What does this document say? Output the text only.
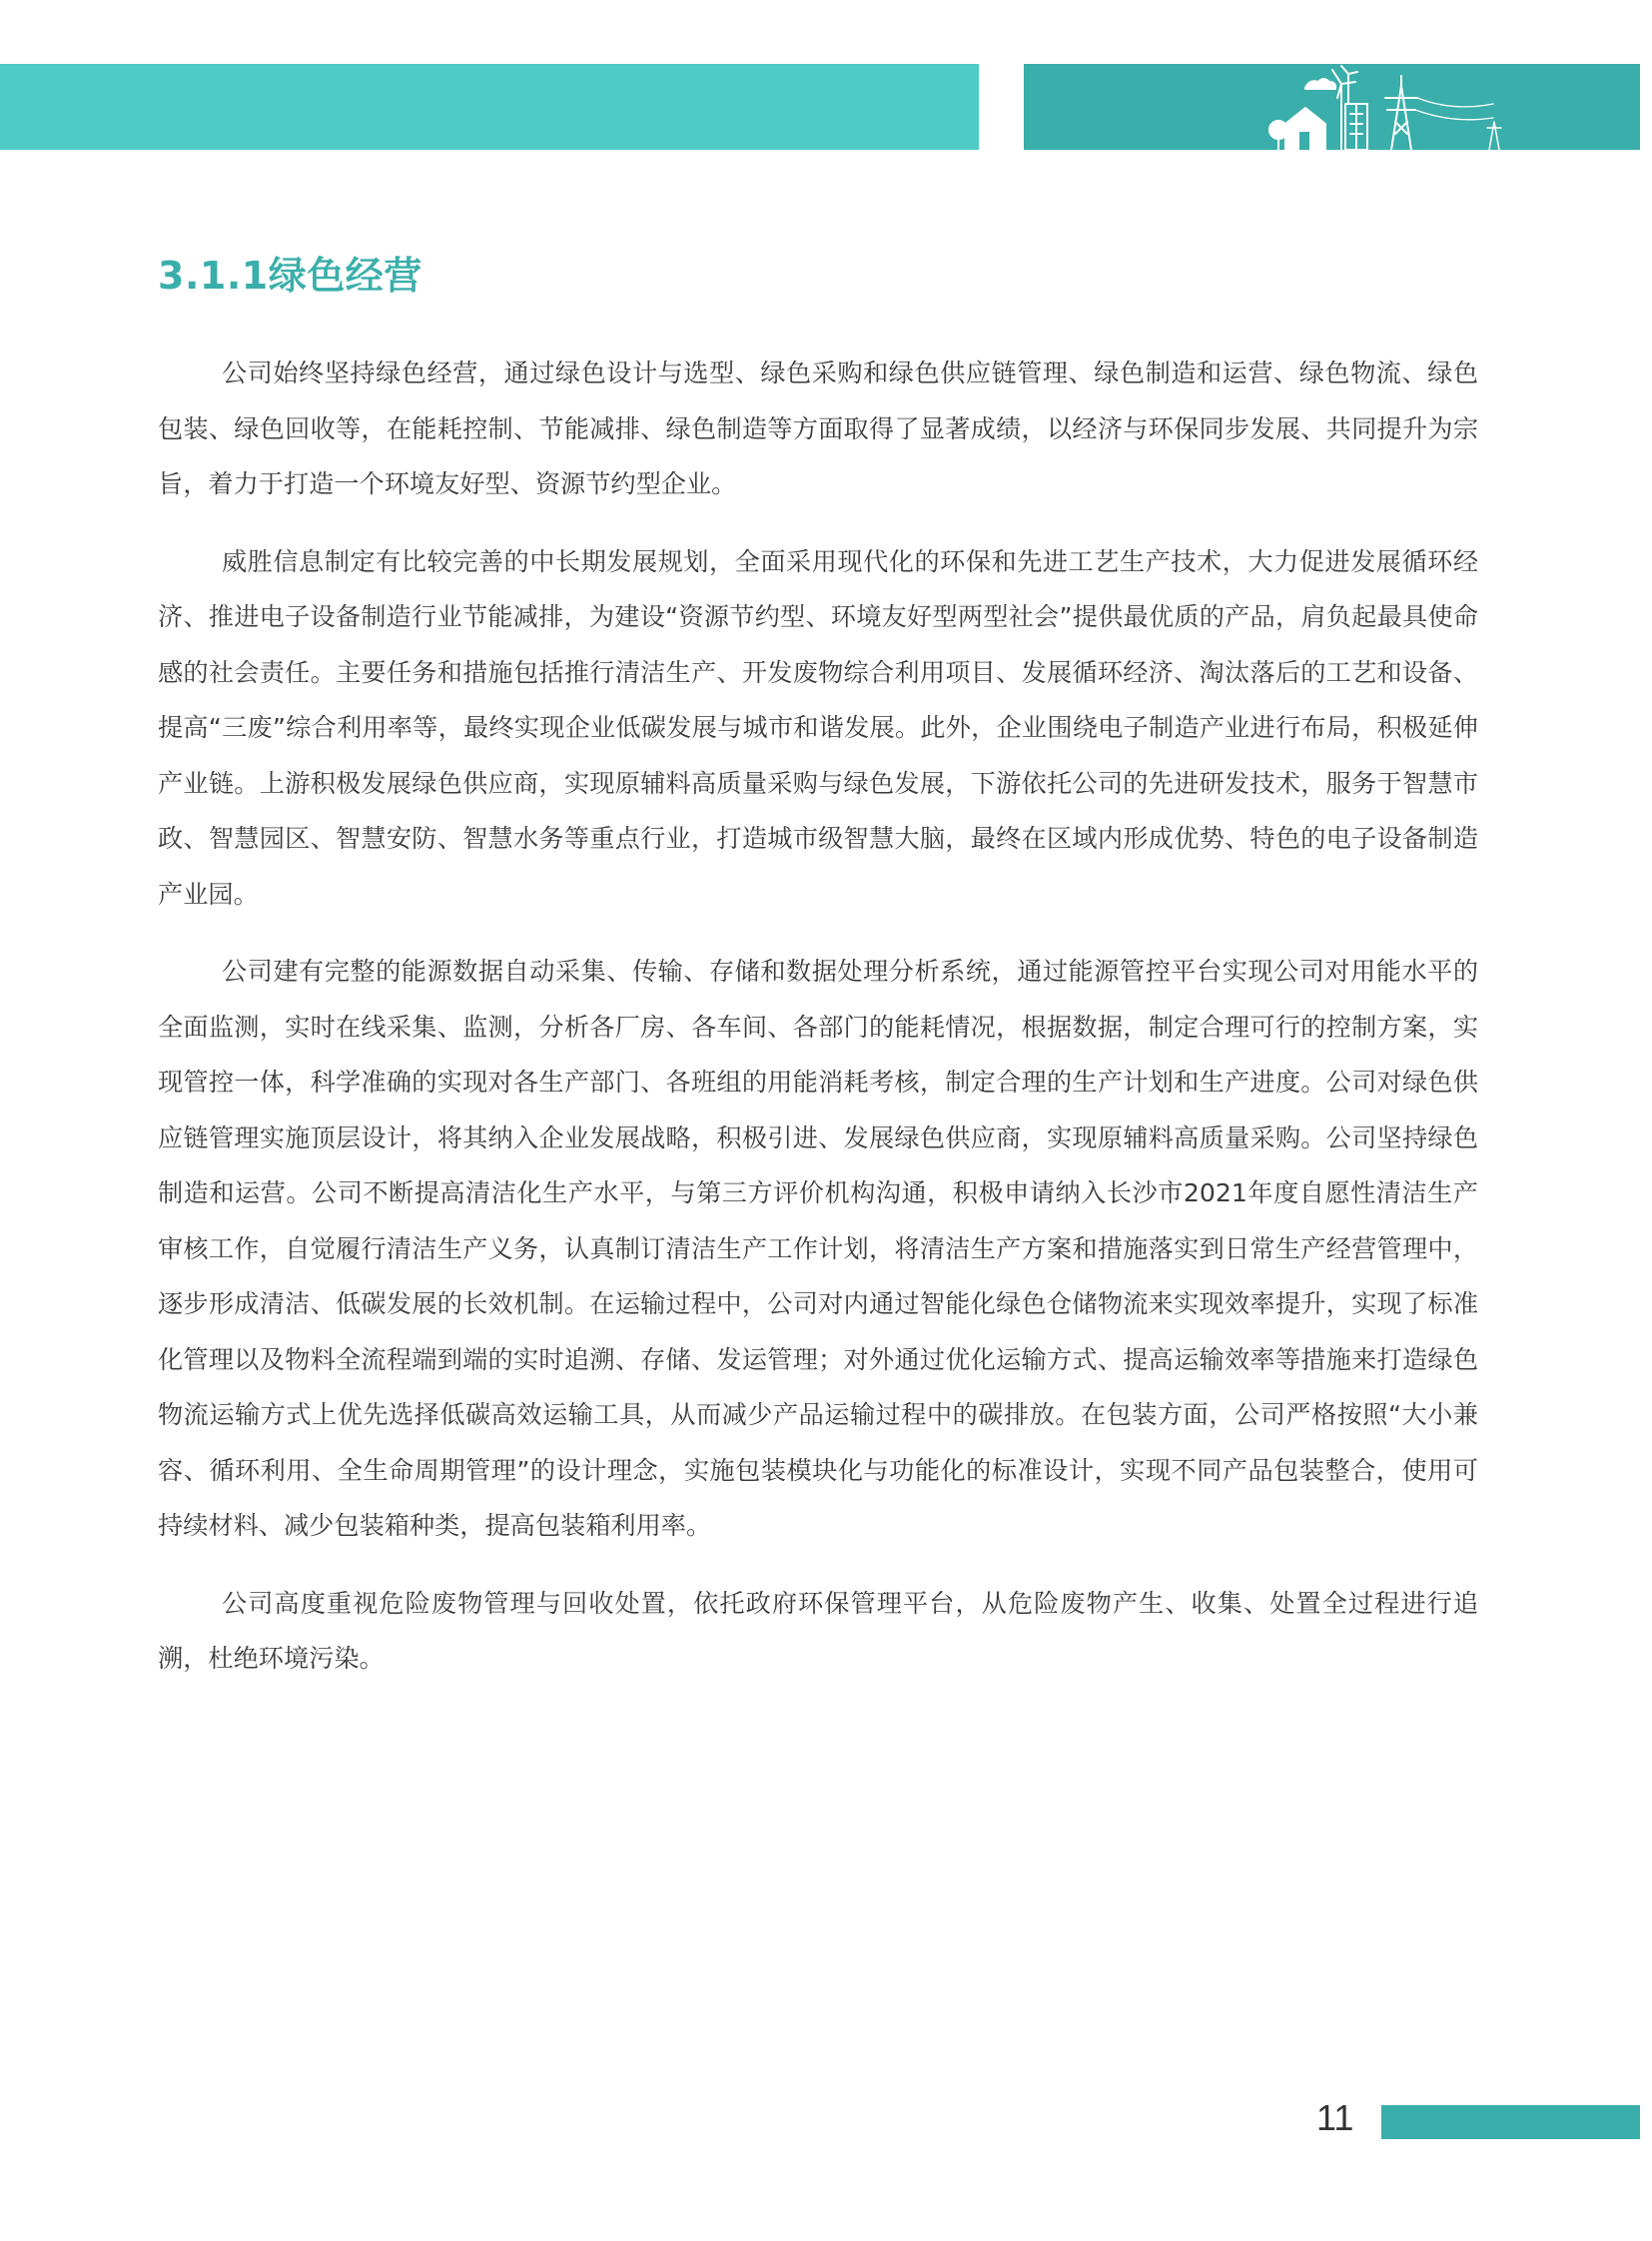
3.1.1绿色经营

公司始终坚持绿色经营，通过绿色设计与选型、绿色采购和绿色供应链管理、绿色制造和运营、绿色物流、绿色包装、绿色回收等，在能耗控制、节能减排、绿色制造等方面取得了显著成绩，以经济与环保同步发展、共同提升为宗旨，着力于打造一个环境友好型、资源节约型企业。

威胜信息制定有比较完善的中长期发展规划，全面采用现代化的环保和先进工艺生产技术，大力促进发展循环经济、推进电子设备制造行业节能减排，为建设“资源节约型、环境友好型两型社会”提供最优质的产品，肩负起最具使命感的社会责任。主要任务和措施包括推行清洁生产、开发废物综合利用项目、发展循环经济、淘汰落后的工艺和设备、提高“三废”综合利用率等，最终实现企业低碳发展与城市和谐发展。此外，企业围绕电子制造产业进行布局，积极延伸产业链。上游积极发展绿色供应商，实现原辅料高质量采购与绿色发展，下游依托公司的先进研发技术，服务于智慧市政、智慧园区、智慧安防、智慧水务等重点行业，打造城市级智慧大脑，最终在区域内形成优势、特色的电子设备制造产业园。

公司建有完整的能源数据自动采集、传输、存储和数据处理分析系统，通过能源管控平台实现公司对用能水平的全面监测，实时在线采集、监测，分析各厂房、各车间、各部门的能耗情况，根据数据，制定合理可行的控制方案，实现管控一体，科学准确的实现对各生产部门、各班组的用能消耗考核，制定合理的生产计划和生产进度。公司对绿色供应链管理实施顶层设计，将其纳入企业发展战略，积极引进、发展绿色供应商，实现原辅料高质量采购。公司坚持绿色制造和运营。公司不断提高清洁化生产水平，与第三方评价机构沟通，积极申请纳入长沙市2021年度自愿性清洁生产审核工作，自觉履行清洁生产义务，认真制订清洁生产工作计划，将清洁生产方案和措施落实到日常生产经营管理中，逐步形成清洁、低碳发展的长效机制。在运输过程中，公司对内通过智能化绿色仓储物流来实现效率提升，实现了标准化管理以及物料全流程端到端的实时追溯、存储、发运管理；对外通过优化运输方式、提高运输效率等措施来打造绿色物流运输方式上优先选择低碳高效运输工具，从而减少产品运输过程中的碳排放。在包装方面，公司严格按照“大小兼容、循环利用、全生命周期管理”的设计理念，实施包装模块化与功能化的标准设计，实现不同产品包装整合，使用可持续材料、减少包装箱种类，提高包装箱利用率。

公司高度重视危险废物管理与回收处置，依托政府环保管理平台，从危险废物产生、收集、处置全过程进行追溯，杜绝环境污染。

11
